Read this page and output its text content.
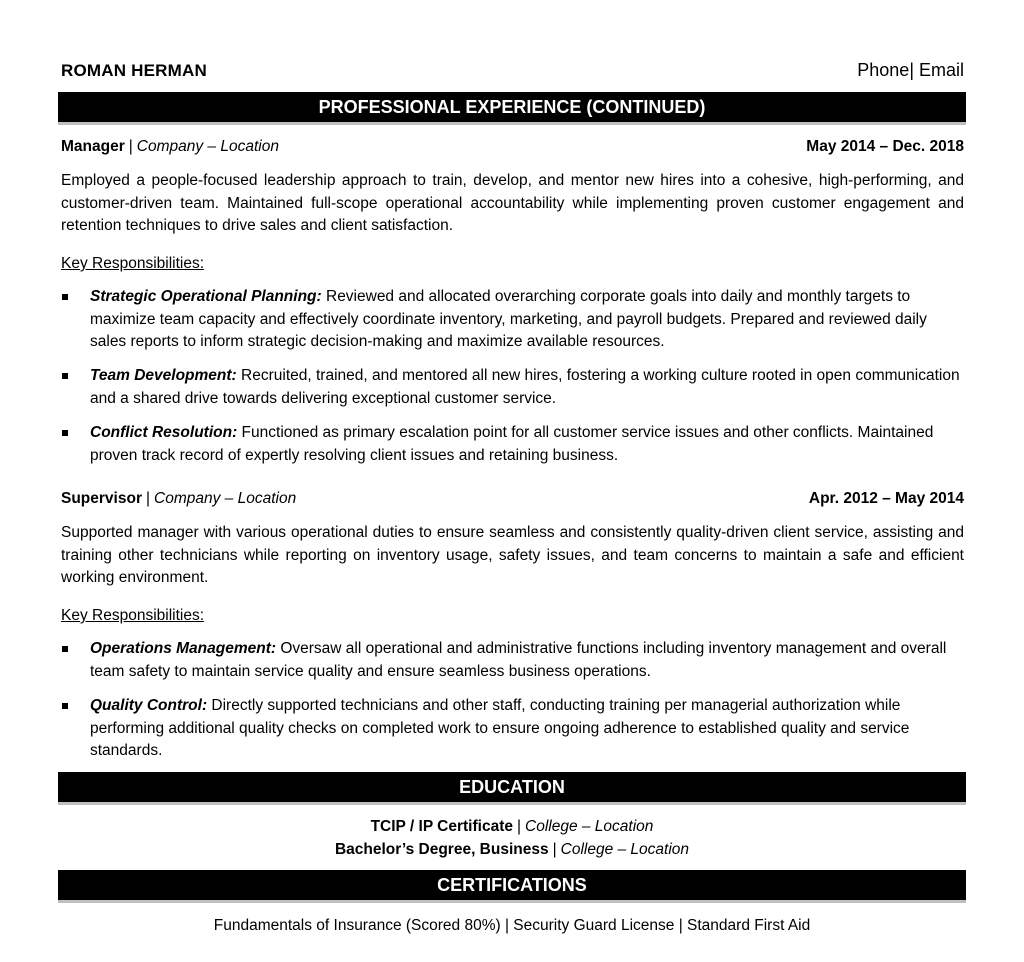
ROMAN HERMAN	Phone| Email
PROFESSIONAL EXPERIENCE (CONTINUED)
Manager | Company – Location	May 2014 – Dec. 2018
Employed a people-focused leadership approach to train, develop, and mentor new hires into a cohesive, high-performing, and customer-driven team. Maintained full-scope operational accountability while implementing proven customer engagement and retention techniques to drive sales and client satisfaction.
Key Responsibilities:
Strategic Operational Planning: Reviewed and allocated overarching corporate goals into daily and monthly targets to maximize team capacity and effectively coordinate inventory, marketing, and payroll budgets. Prepared and reviewed daily sales reports to inform strategic decision-making and maximize available resources.
Team Development: Recruited, trained, and mentored all new hires, fostering a working culture rooted in open communication and a shared drive towards delivering exceptional customer service.
Conflict Resolution: Functioned as primary escalation point for all customer service issues and other conflicts. Maintained proven track record of expertly resolving client issues and retaining business.
Supervisor | Company – Location	Apr. 2012 – May 2014
Supported manager with various operational duties to ensure seamless and consistently quality-driven client service, assisting and training other technicians while reporting on inventory usage, safety issues, and team concerns to maintain a safe and efficient working environment.
Key Responsibilities:
Operations Management: Oversaw all operational and administrative functions including inventory management and overall team safety to maintain service quality and ensure seamless business operations.
Quality Control: Directly supported technicians and other staff, conducting training per managerial authorization while performing additional quality checks on completed work to ensure ongoing adherence to established quality and service standards.
EDUCATION
TCIP / IP Certificate | College – Location
Bachelor’s Degree, Business | College – Location
CERTIFICATIONS
Fundamentals of Insurance (Scored 80%) | Security Guard License | Standard First Aid
